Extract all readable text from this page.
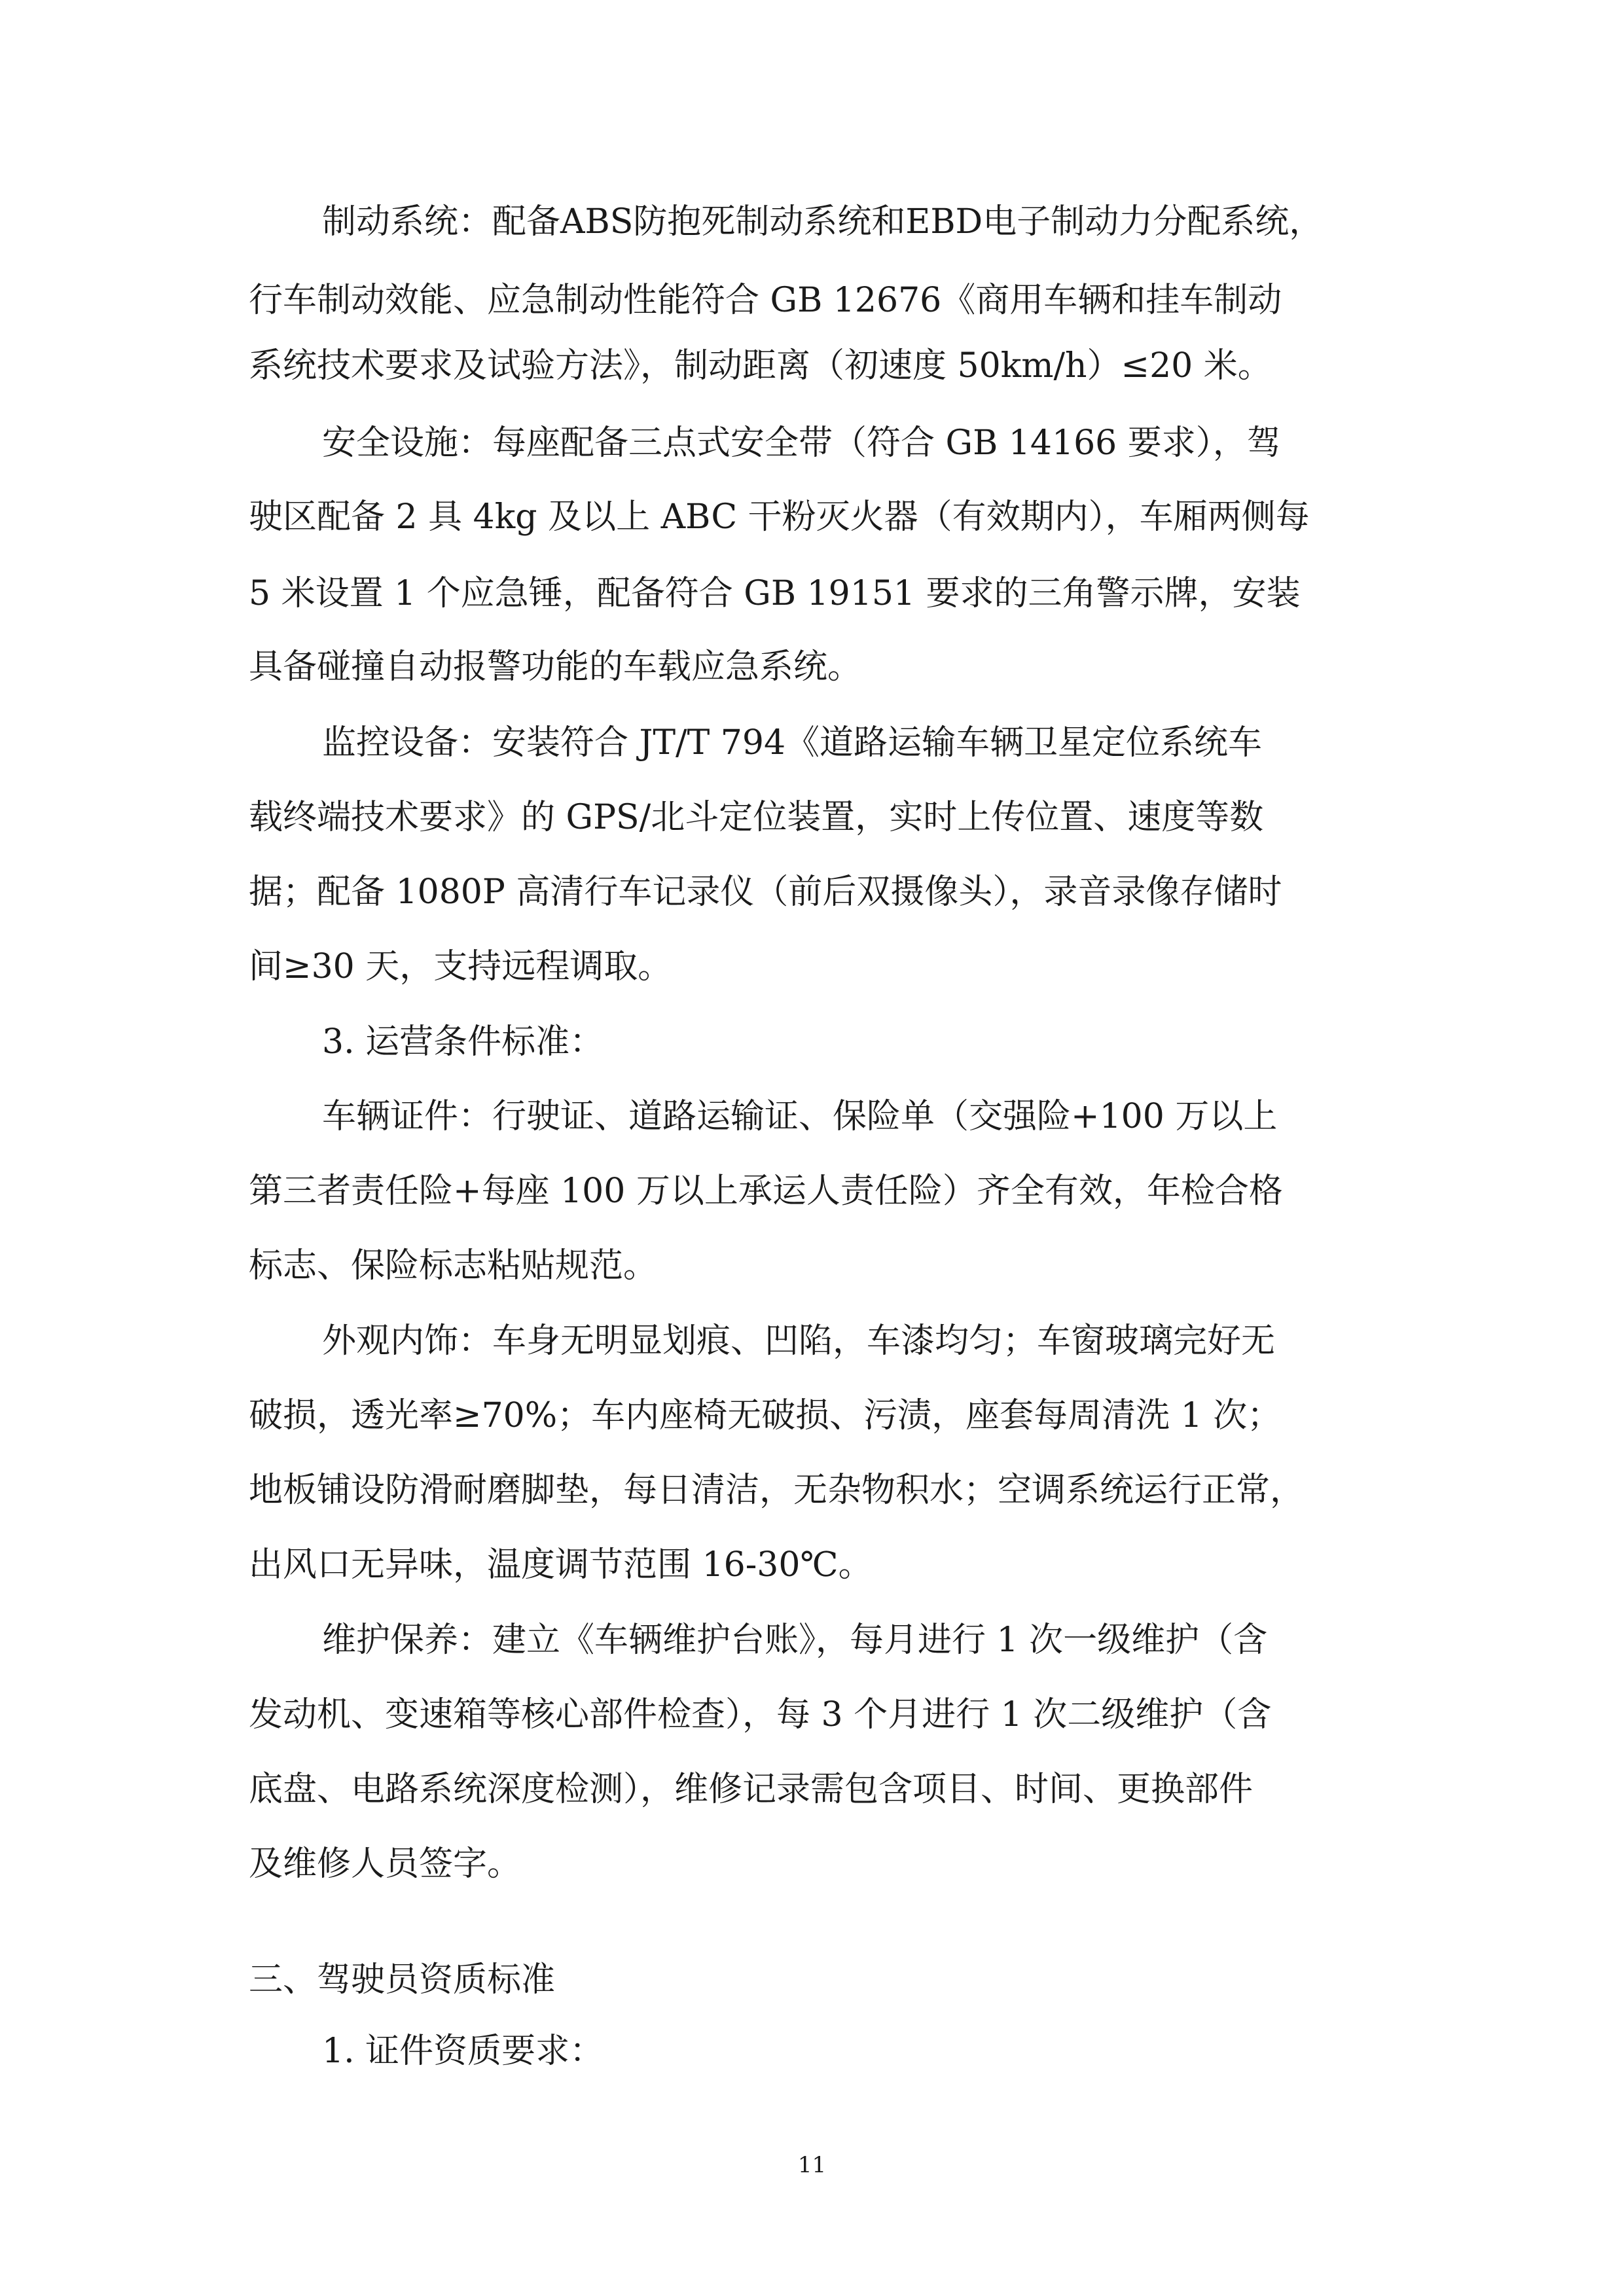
制动系统：配备ABS防抱死制动系统和EBD电子制动力分配系统，
行车制动效能、应急制动性能符合 GB 12676《商用车辆和挂车制动
系统技术要求及试验方法》，制动距离（初速度 50km/h）≤20 米。
安全设施：每座配备三点式安全带（符合 GB 14166 要求），驾
驶区配备 2 具 4kg 及以上 ABC 干粉灭火器（有效期内），车厢两侧每
5 米设置 1 个应急锤，配备符合 GB 19151 要求的三角警示牌，安装
具备碰撞自动报警功能的车载应急系统。
监控设备：安装符合 JT/T 794《道路运输车辆卫星定位系统车
载终端技术要求》的 GPS/北斗定位装置，实时上传位置、速度等数
据；配备 1080P 高清行车记录仪（前后双摄像头），录音录像存储时
间≥30 天，支持远程调取。
3. 运营条件标准：
车辆证件：行驶证、道路运输证、保险单（交强险+100 万以上
第三者责任险+每座 100 万以上承运人责任险）齐全有效，年检合格
标志、保险标志粘贴规范。
外观内饰：车身无明显划痕、凹陷，车漆均匀；车窗玻璃完好无
破损，透光率≥70%；车内座椅无破损、污渍，座套每周清洗 1 次；
地板铺设防滑耐磨脚垫，每日清洁，无杂物积水；空调系统运行正常，
出风口无异味，温度调节范围 16-30℃。
维护保养：建立《车辆维护台账》，每月进行 1 次一级维护（含
发动机、变速箱等核心部件检查），每 3 个月进行 1 次二级维护（含
底盘、电路系统深度检测），维修记录需包含项目、时间、更换部件
及维修人员签字。
三、驾驶员资质标准
1. 证件资质要求：
11
